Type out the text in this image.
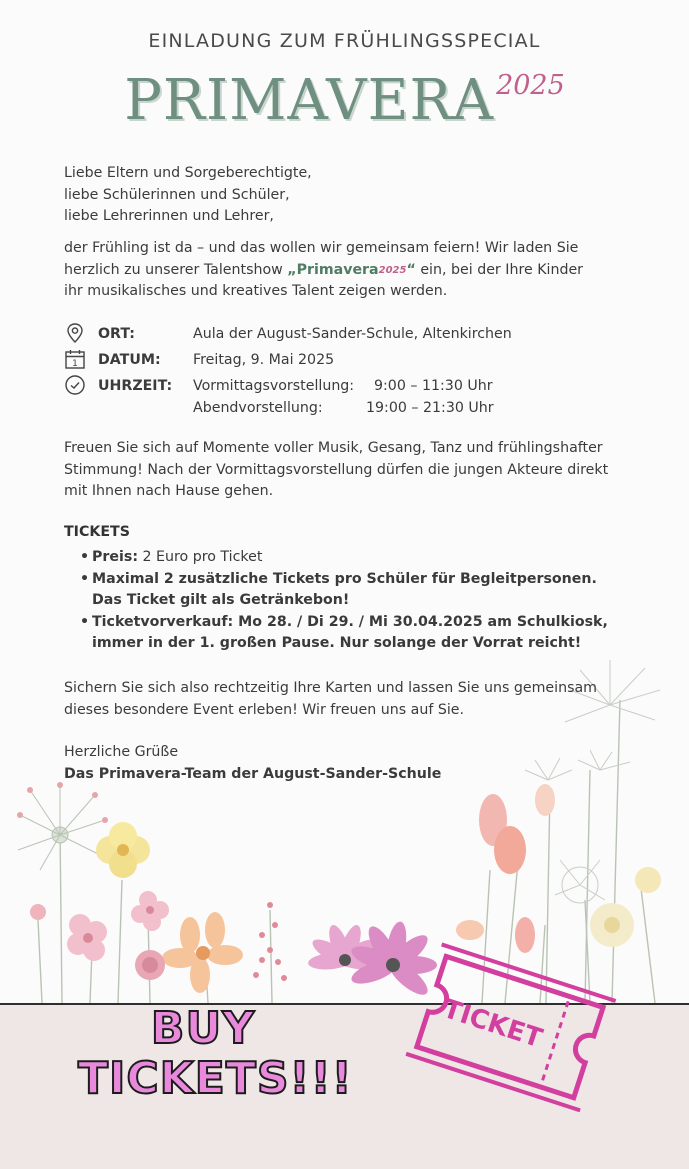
EINLADUNG ZUM FRÜHLINGSSPECIAL
PRIMAVERA2025

Liebe Eltern und Sorgeberechtigte,

liebe Schülerinnen und Schüler,

liebe Lehrerinnen und Lehrer,

der Frühling ist da – und das wollen wir gemeinsam feiern! Wir laden Sie herzlich zu unserer Talentshow „Primavera$^{2025}$“ ein, bei der Ihre Kinder ihr musikalisches und kreatives Talent zeigen werden.
ORT:	Aula der August-Sander-Schule, Altenkirchen
1 DATUM: Freitag, 9. Mai 2025
UHRZEIT: Vormittagsvorstellung: 9:00 – 11:30 Uhr
Abendvorstellung:	19:00 – 21:30 Uhr
Freuen Sie sich auf Momente voller Musik, Gesang, Tanz und frühlingshafter Stimmung! Nach der Vormittagsvorstellung dürfen die jungen Akteure direkt mit Ihnen nach Hause gehen.
TICKETS
• Preis: 2 Euro pro Ticket
• Maximal 2 zusätzliche Tickets pro Schüler für Begleitpersonen.
Das Ticket gilt als Getränkebon!
• Ticketvorverkauf: Mo 28. / Di 29. / Mi 30.04.2025 am Schulkiosk,
immer in der 1. großen Pause. Nur solange der Vorrat reicht!
Sichern Sie sich also rechtzeitig Ihre Karten und lassen Sie uns gemeinsam dieses besondere Event erleben! Wir freuen uns auf Sie.

Herzliche Grüße

Das Primavera-Team der August-Sander-Schule

BUY
TICKETS!!!
TICKET
